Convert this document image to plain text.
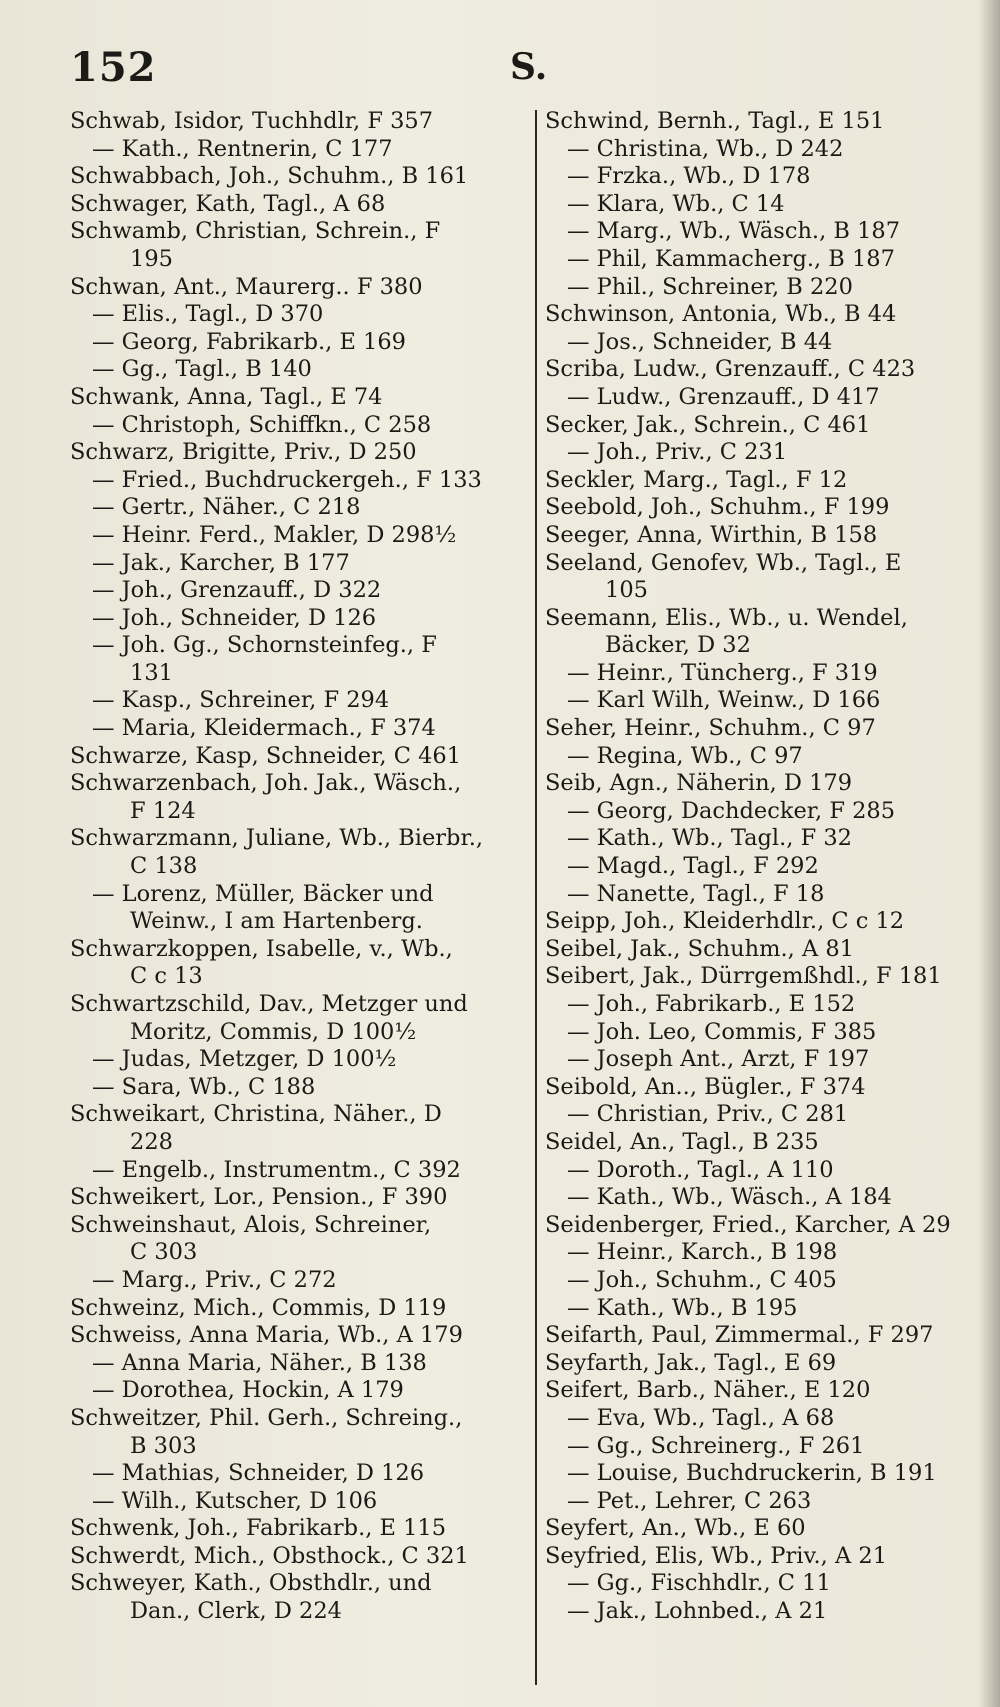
152	S.
Schwab, Isidor, Tuchhdlr, F 357
— Kath., Rentnerin, C 177
Schwabbach, Joh., Schuhm., B 161
Schwager, Kath, Tagl., A 68
Schwamb, Christian, Schrein., F
195
Schwan, Ant., Maurerg.. F 380
— Elis., Tagl., D 370
— Georg, Fabrikarb., E 169
— Gg., Tagl., B 140
Schwank, Anna, Tagl., E 74
— Christoph, Schiffkn., C 258
Schwarz, Brigitte, Priv., D 250
— Fried., Buchdruckergeh., F 133
— Gertr., Näher., C 218
— Heinr. Ferd., Makler, D 298½
— Jak., Karcher, B 177
— Joh., Grenzauff., D 322
— Joh., Schneider, D 126
— Joh. Gg., Schornsteinfeg., F
131
— Kasp., Schreiner, F 294
— Maria, Kleidermach., F 374
Schwarze, Kasp, Schneider, C 461
Schwarzenbach, Joh. Jak., Wäsch.,
F 124
Schwarzmann, Juliane, Wb., Bierbr.,
C 138
— Lorenz, Müller, Bäcker und
Weinw., I am Hartenberg.
Schwarzkoppen, Isabelle, v., Wb.,
C c 13
Schwartzschild, Dav., Metzger und
Moritz, Commis, D 100½
— Judas, Metzger, D 100½
— Sara, Wb., C 188
Schweikart, Christina, Näher., D
228
— Engelb., Instrumentm., C 392
Schweikert, Lor., Pension., F 390
Schweinshaut, Alois, Schreiner,
C 303
— Marg., Priv., C 272
Schweinz, Mich., Commis, D 119
Schweiss, Anna Maria, Wb., A 179
— Anna Maria, Näher., B 138
— Dorothea, Hockin, A 179
Schweitzer, Phil. Gerh., Schreing.,
B 303
— Mathias, Schneider, D 126
— Wilh., Kutscher, D 106
Schwenk, Joh., Fabrikarb., E 115
Schwerdt, Mich., Obsthock., C 321
Schweyer, Kath., Obsthdlr., und
Dan., Clerk, D 224
Schwind, Bernh., Tagl., E 151
— Christina, Wb., D 242
— Frzka., Wb., D 178
— Klara, Wb., C 14
— Marg., Wb., Wäsch., B 187
— Phil, Kammacherg., B 187
— Phil., Schreiner, B 220
Schwinson, Antonia, Wb., B 44
— Jos., Schneider, B 44
Scriba, Ludw., Grenzauff., C 423
— Ludw., Grenzauff., D 417
Secker, Jak., Schrein., C 461
— Joh., Priv., C 231
Seckler, Marg., Tagl., F 12
Seebold, Joh., Schuhm., F 199
Seeger, Anna, Wirthin, B 158
Seeland, Genofev, Wb., Tagl., E
105
Seemann, Elis., Wb., u. Wendel,
Bäcker, D 32
— Heinr., Tüncherg., F 319
— Karl Wilh, Weinw., D 166
Seher, Heinr., Schuhm., C 97
— Regina, Wb., C 97
Seib, Agn., Näherin, D 179
— Georg, Dachdecker, F 285
— Kath., Wb., Tagl., F 32
— Magd., Tagl., F 292
— Nanette, Tagl., F 18
Seipp, Joh., Kleiderhdlr., C c 12
Seibel, Jak., Schuhm., A 81
Seibert, Jak., Dürrgemßhdl., F 181
— Joh., Fabrikarb., E 152
— Joh. Leo, Commis, F 385
— Joseph Ant., Arzt, F 197
Seibold, An.., Bügler., F 374
— Christian, Priv., C 281
Seidel, An., Tagl., B 235
— Doroth., Tagl., A 110
— Kath., Wb., Wäsch., A 184
Seidenberger, Fried., Karcher, A 29
— Heinr., Karch., B 198
— Joh., Schuhm., C 405
— Kath., Wb., B 195
Seifarth, Paul, Zimmermal., F 297
Seyfarth, Jak., Tagl., E 69
Seifert, Barb., Näher., E 120
— Eva, Wb., Tagl., A 68
— Gg., Schreinerg., F 261
— Louise, Buchdruckerin, B 191
— Pet., Lehrer, C 263
Seyfert, An., Wb., E 60
Seyfried, Elis, Wb., Priv., A 21
— Gg., Fischhdlr., C 11
— Jak., Lohnbed., A 21
